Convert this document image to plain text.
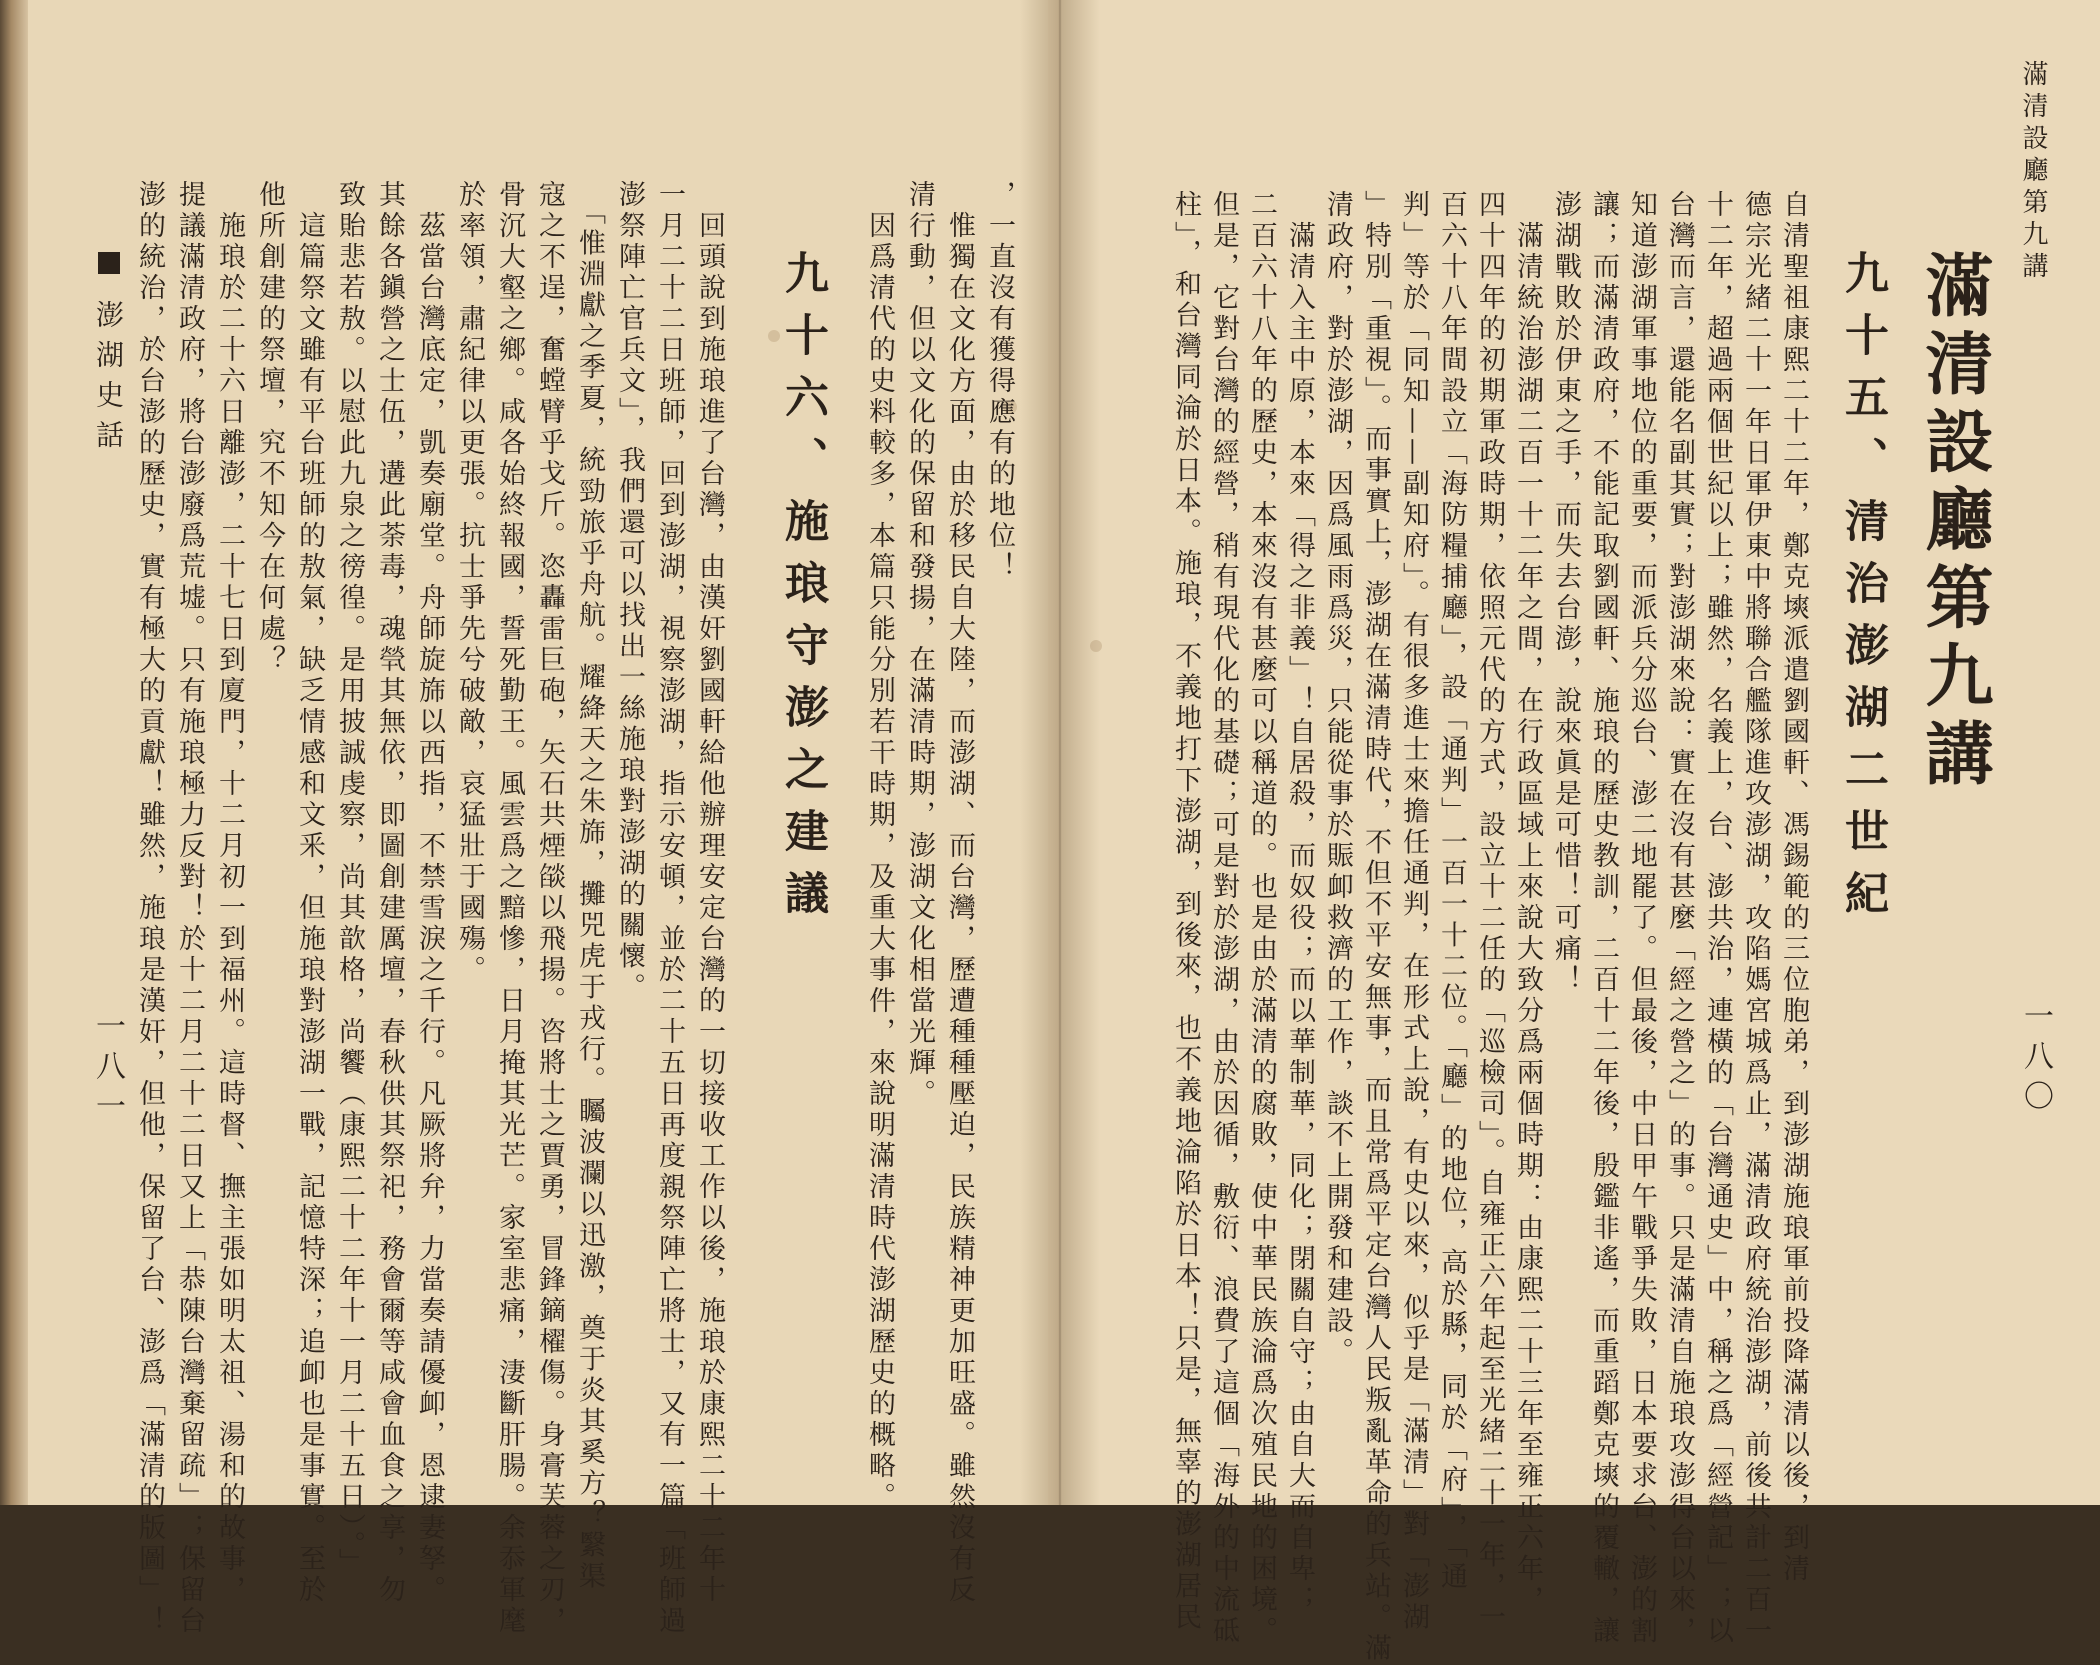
，一直沒有獲得應有的地位！
　惟獨在文化方面，由於移民自大陸，而澎湖、而台灣，歷遭種種壓迫，民族精神更加旺盛。雖然沒有反
清行動，但以文化的保留和發揚，在滿清時期，澎湖文化相當光輝。
　因爲清代的史料較多，本篇只能分別若干時期，及重大事件，來說明滿清時代澎湖歷史的概略。
九十六、施琅守澎之建議
　回頭說到施琅進了台灣，由漢奸劉國軒給他辦理安定台灣的一切接收工作以後，施琅於康熙二十二年十
一月二十二日班師，回到澎湖，視察澎湖，指示安頓，並於二十五日再度親祭陣亡將士，又有一篇「班師過
澎祭陣亡官兵文」，我們還可以找出一絲施琅對澎湖的關懷。
　「惟淵獻之季夏，統勁旅乎舟航。耀絳天之朱旆，攤兕虎于戎行。矚波瀾以迅激，奠于炎其奚方？繄渠
寇之不逞，奮螳臂乎戈斤。恣轟雷巨砲，矢石共煙燄以飛揚。咨將士之賈勇，冒鋒鏑櫂傷。身膏芙蓉之刃，
骨沉大壑之鄉。咸各始終報國，誓死勤王。風雲爲之黯慘，日月掩其光芒。家室悲痛，淒斷肝腸。余忝軍麾
於率領，肅紀律以更張。抗士爭先兮破敵，哀猛壯于國殤。
　茲當台灣底定，凱奏廟堂。舟師旋旆以西指，不禁雪淚之千行。凡厥將弁，力當奏請優卹，恩逮妻孥。
其餘各鎭營之士伍，遘此荼毒，魂煢其無依，即圖創建厲壇，春秋供其祭祀，務會爾等咸會血食之享，勿
致貽悲若敖。以慰此九泉之徬徨。是用披誠虔察，尚其歆格，尚饗（康熙二十二年十一月二十五日）。」
　這篇祭文雖有平台班師的敖氣，缺乏情感和文釆，但施琅對澎湖一戰，記憶特深；追卹也是事實。至於
他所創建的祭壇，究不知今在何處？
　施琅於二十六日離澎，二十七日到廈門，十二月初一到福州。這時督、撫主張如明太祖、湯和的故事，
提議滿清政府，將台澎廢爲荒墟。只有施琅極力反對！於十二月二十二日又上「恭陳台灣棄留疏」；保留台
澎的統治，於台澎的歷史，實有極大的貢獻！雖然，施琅是漢奸，但他，保留了台、澎爲「滿清的版圖」！
澎湖史話
一八一
滿清設廳第九講
滿清設廳第九講
九十五、清治澎湖二世紀
自清聖祖康熙二十二年，鄭克塽派遣劉國軒、馮錫範的三位胞弟，到澎湖施琅軍前投降滿清以後，到清
德宗光緒二十一年日軍伊東中將聯合艦隊進攻澎湖，攻陷媽宮城爲止，滿清政府統治澎湖，前後共計二百一
十二年，超過兩個世紀以上；雖然，名義上，台、澎共治，連橫的「台灣通史」中，稱之爲「經營記」；以
台灣而言，還能名副其實；對澎湖來說：實在沒有甚麼「經之營之」的事。只是滿清自施琅攻澎得台以來，
知道澎湖軍事地位的重要，而派兵分巡台、澎二地罷了。但最後，中日甲午戰爭失敗，日本要求台、澎的割
讓；而滿清政府，不能記取劉國軒、施琅的歷史教訓，二百十二年後，殷鑑非遙，而重蹈鄭克塽的覆轍，讓
澎湖戰敗於伊東之手，而失去台澎，說來眞是可惜！可痛！
　滿清統治澎湖二百一十二年之間，在行政區域上來說大致分爲兩個時期：由康熙二十三年至雍正六年，
四十四年的初期軍政時期，依照元代的方式，設立十二任的「巡檢司」。自雍正六年起至光緒二十一年，一
百六十八年間設立「海防糧捕廳」，設「通判」一百一十二位。「廳」的地位，高於縣，同於「府」，「通
判」等於「同知——副知府」。有很多進士來擔任通判，在形式上說，有史以來，似乎是「滿清」對「澎湖
」特別「重視」。而事實上，澎湖在滿清時代，不但不平安無事，而且常爲平定台灣人民叛亂革命的兵站。滿
清政府，對於澎湖，因爲風雨爲災，只能從事於賑卹救濟的工作，談不上開發和建設。
　滿清入主中原，本來「得之非義」！自居殺，而奴役；而以華制華，同化；閉關自守；由自大而自卑；
二百六十八年的歷史，本來沒有甚麼可以稱道的。也是由於滿清的腐敗，使中華民族淪爲次殖民地的困境。
但是，它對台灣的經營，稍有現代化的基礎；可是對於澎湖，由於因循，敷衍、浪費了這個「海外的中流砥
柱」，和台灣同淪於日本。施琅，不義地打下澎湖，到後來，也不義地淪陷於日本！只是，無辜的澎湖居民	一八〇
